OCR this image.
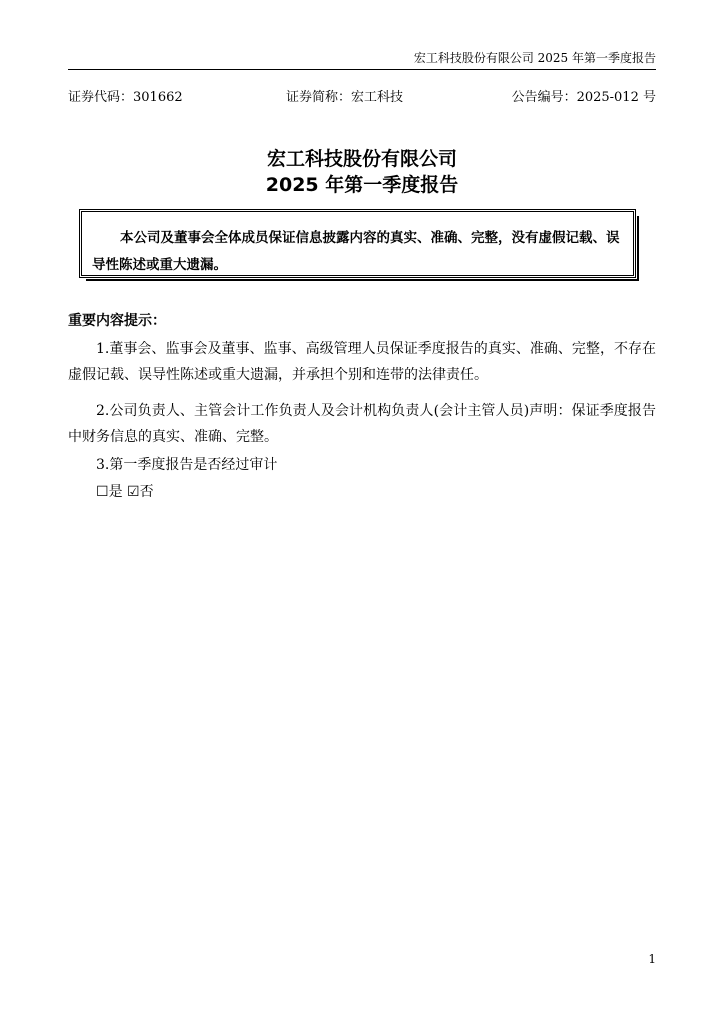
宏工科技股份有限公司 2025 年第一季度报告
证券代码：301662	证券简称：宏工科技	公告编号：2025-012 号
宏工科技股份有限公司
2025 年第一季度报告
本公司及董事会全体成员保证信息披露内容的真实、准确、完整，没有虚假记载、误导性陈述或重大遗漏。
重要内容提示：
1.董事会、监事会及董事、监事、高级管理人员保证季度报告的真实、准确、完整，不存在虚假记载、误导性陈述或重大遗漏，并承担个别和连带的法律责任。
2.公司负责人、主管会计工作负责人及会计机构负责人(会计主管人员)声明：保证季度报告中财务信息的真实、准确、完整。
3.第一季度报告是否经过审计
☐是 ☑否
1
